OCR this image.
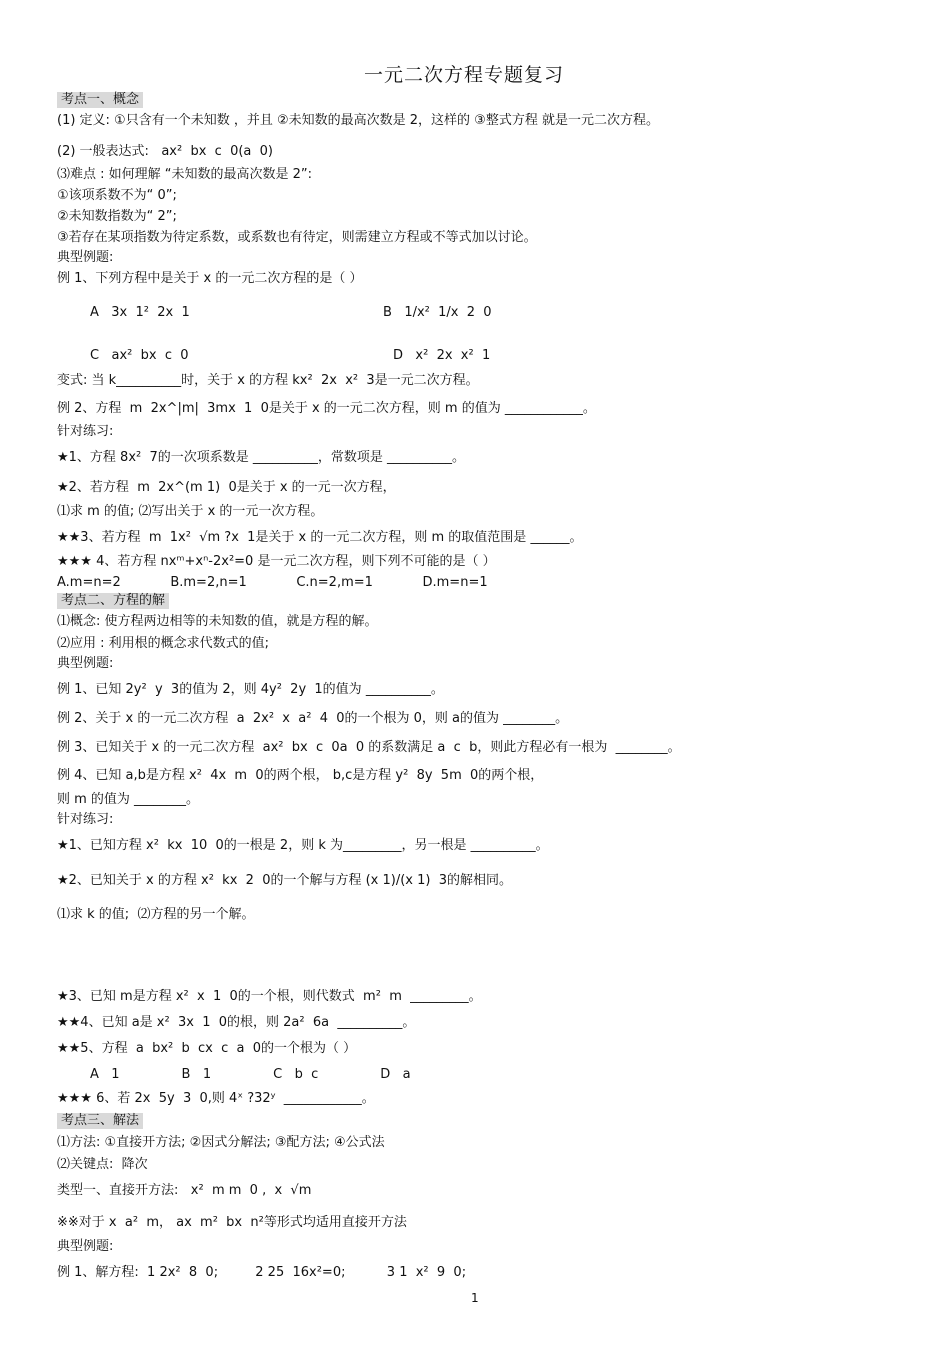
一元二次方程专题复习
考点一、概念
(1) 定义: ①只含有一个未知数 ，并且 ②未知数的最高次数是 2，这样的 ③整式方程 就是一元二次方程。
(2) 一般表达式:   ax²  bx  c  0(a  0)
⑶难点 : 如何理解 “未知数的最高次数是 2”:
①该项系数不为“ 0”;
②未知数指数为“ 2”;
③若存在某项指数为待定系数，或系数也有待定，则需建立方程或不等式加以讨论。
典型例题:
例 1、下列方程中是关于 x 的一元二次方程的是（ ）
A   3x  1²  2x  1	B   1/x²  1/x  2  0
C   ax²  bx  c  0	D   x²  2x  x²  1
变式: 当 k__________时，关于 x 的方程 kx²  2x  x²  3是一元二次方程。
例 2、方程  m  2x^|m|  3mx  1  0是关于 x 的一元二次方程，则 m 的值为 ____________。
针对练习:
★1、方程 8x²  7的一次项系数是 __________，常数项是 __________。
★2、若方程  m  2x^(m 1)  0是关于 x 的一元一次方程，
⑴求 m 的值; ⑵写出关于 x 的一元一次方程。
★★3、若方程  m  1x²  √m ?x  1是关于 x 的一元二次方程，则 m 的取值范围是 ______。
★★★ 4、若方程 nxᵐ+xⁿ-2x²=0 是一元二次方程，则下列不可能的是（ ）
A.m=n=2            B.m=2,n=1            C.n=2,m=1            D.m=n=1
考点二、方程的解
⑴概念: 使方程两边相等的未知数的值，就是方程的解。
⑵应用 : 利用根的概念求代数式的值;
典型例题:
例 1、已知 2y²  y  3的值为 2，则 4y²  2y  1的值为 __________。
例 2、关于 x 的一元二次方程  a  2x²  x  a²  4  0的一个根为 0，则 a的值为 ________。
例 3、已知关于 x 的一元二次方程  ax²  bx  c  0a  0 的系数满足 a  c  b，则此方程必有一根为  ________。
例 4、已知 a,b是方程 x²  4x  m  0的两个根， b,c是方程 y²  8y  5m  0的两个根，
则 m 的值为 ________。
针对练习:
★1、已知方程 x²  kx  10  0的一根是 2，则 k 为_________，另一根是 __________。
★2、已知关于 x 的方程 x²  kx  2  0的一个解与方程 (x 1)/(x 1)  3的解相同。
⑴求 k 的值;  ⑵方程的另一个解。
★3、已知 m是方程 x²  x  1  0的一个根，则代数式  m²  m  _________。
★★4、已知 a是 x²  3x  1  0的根，则 2a²  6a  __________。
★★5、方程  a  bx²  b  cx  c  a  0的一个根为（ ）
A   1               B   1               C   b  c               D   a
★★★ 6、若 2x  5y  3  0,则 4ˣ ?32ʸ  ____________。
考点三、解法
⑴方法: ①直接开方法; ②因式分解法; ③配方法; ④公式法
⑵关键点:  降次
类型一、直接开方法:   x²  m m  0 ,  x  √m
※※对于 x  a²  m， ax  m²  bx  n²等形式均适用直接开方法
典型例题:
例 1、解方程:  1 2x²  8  0;         2 25  16x²=0;          3 1  x²  9  0;
1
